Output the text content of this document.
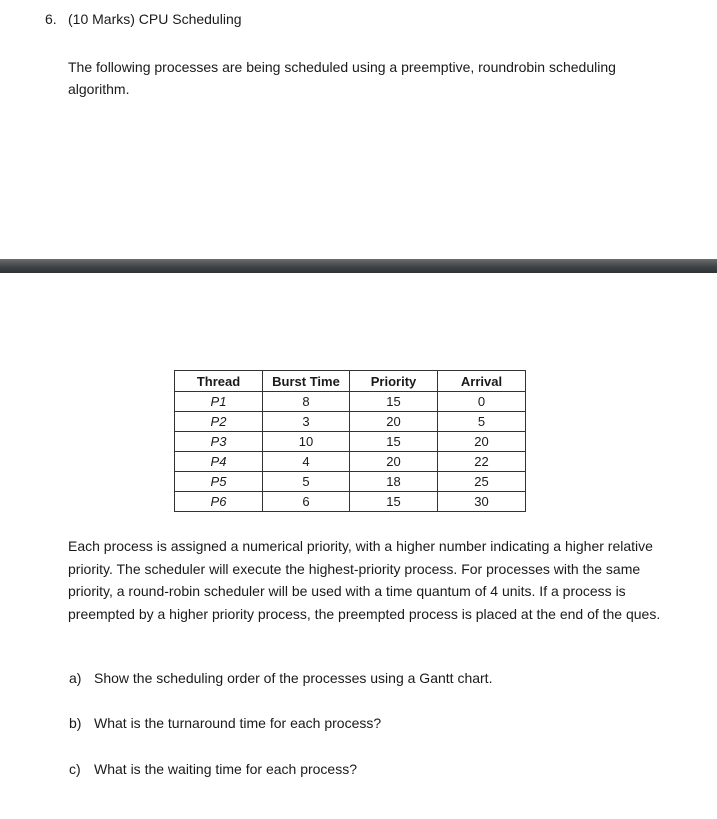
6. (10 Marks) CPU Scheduling
The following processes are being scheduled using a preemptive, roundrobin scheduling algorithm.
Thread	Burst Time	Priority	Arrival
P1	8	15	0
P2	3	20	5
P3	10	15	20
P4	4	20	22
P5	5	18	25
P6	6	15	30
Each process is assigned a numerical priority, with a higher number indicating a higher relative priority. The scheduler will execute the highest-priority process. For processes with the same priority, a round-robin scheduler will be used with a time quantum of 4 units. If a process is preempted by a higher priority process, the preempted process is placed at the end of the ques.
a) Show the scheduling order of the processes using a Gantt chart.
b) What is the turnaround time for each process?
c) What is the waiting time for each process?
